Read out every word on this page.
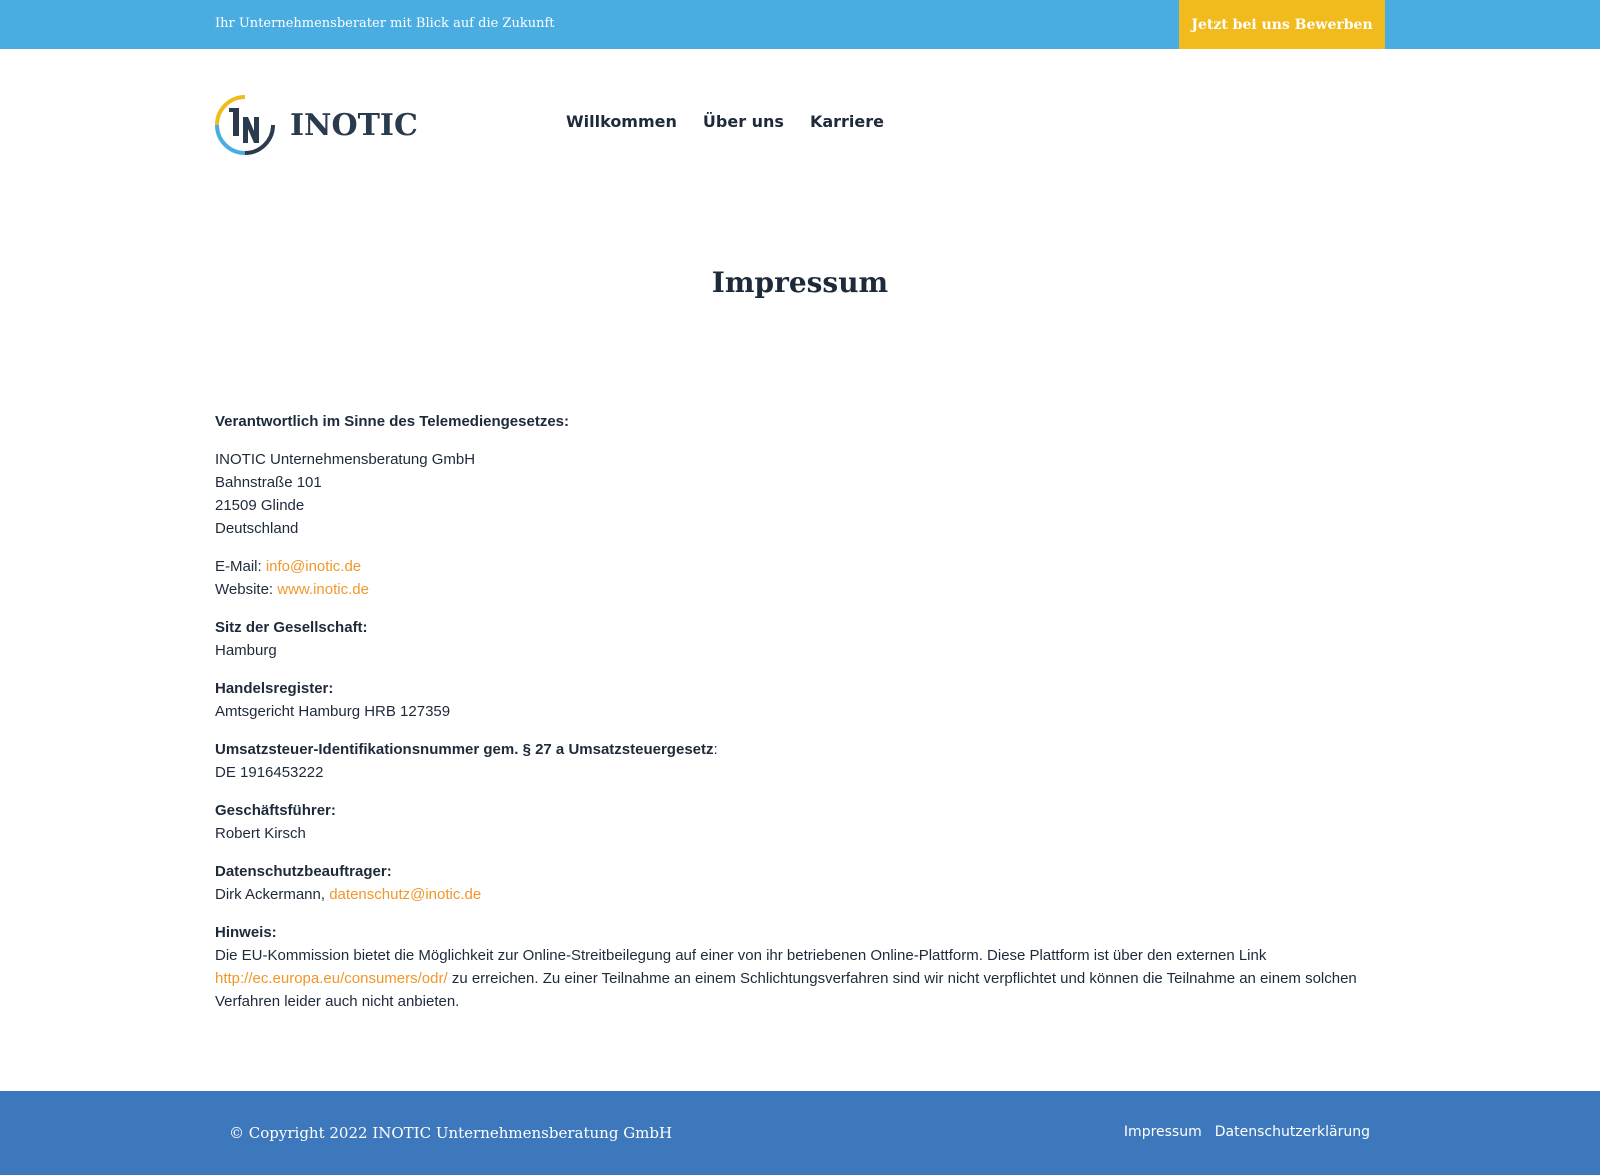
Ihr Unternehmensberater mit Blick auf die Zukunft	Jetzt bei uns Bewerben
INOTIC	Willkommen Über uns Karriere
Impressum

Verantwortlich im Sinne des Telemediengesetzes:

INOTIC Unternehmensberatung GmbH
Bahnstraße 101
21509 Glinde
Deutschland

E-Mail: info@inotic.de
Website: www.inotic.de

Sitz der Gesellschaft:
Hamburg

Handelsregister:
Amtsgericht Hamburg HRB 127359

Umsatzsteuer-Identifikationsnummer gem. § 27 a Umsatzsteuergesetz:
DE 1916453222

Geschäftsführer:
Robert Kirsch

Datenschutzbeauftrager:
Dirk Ackermann, datenschutz@inotic.de

Hinweis:
Die EU-Kommission bietet die Möglichkeit zur Online-Streitbeilegung auf einer von ihr betriebenen Online-Plattform. Diese Plattform ist über den externen Link http://ec.europa.eu/consumers/odr/ zu erreichen. Zu einer Teilnahme an einem Schlichtungsverfahren sind wir nicht verpflichtet und können die Teilnahme an einem solchen Verfahren leider auch nicht anbieten.

© Copyright 2022 INOTIC Unternehmensberatung GmbH	Impressum Datenschutzerklärung
